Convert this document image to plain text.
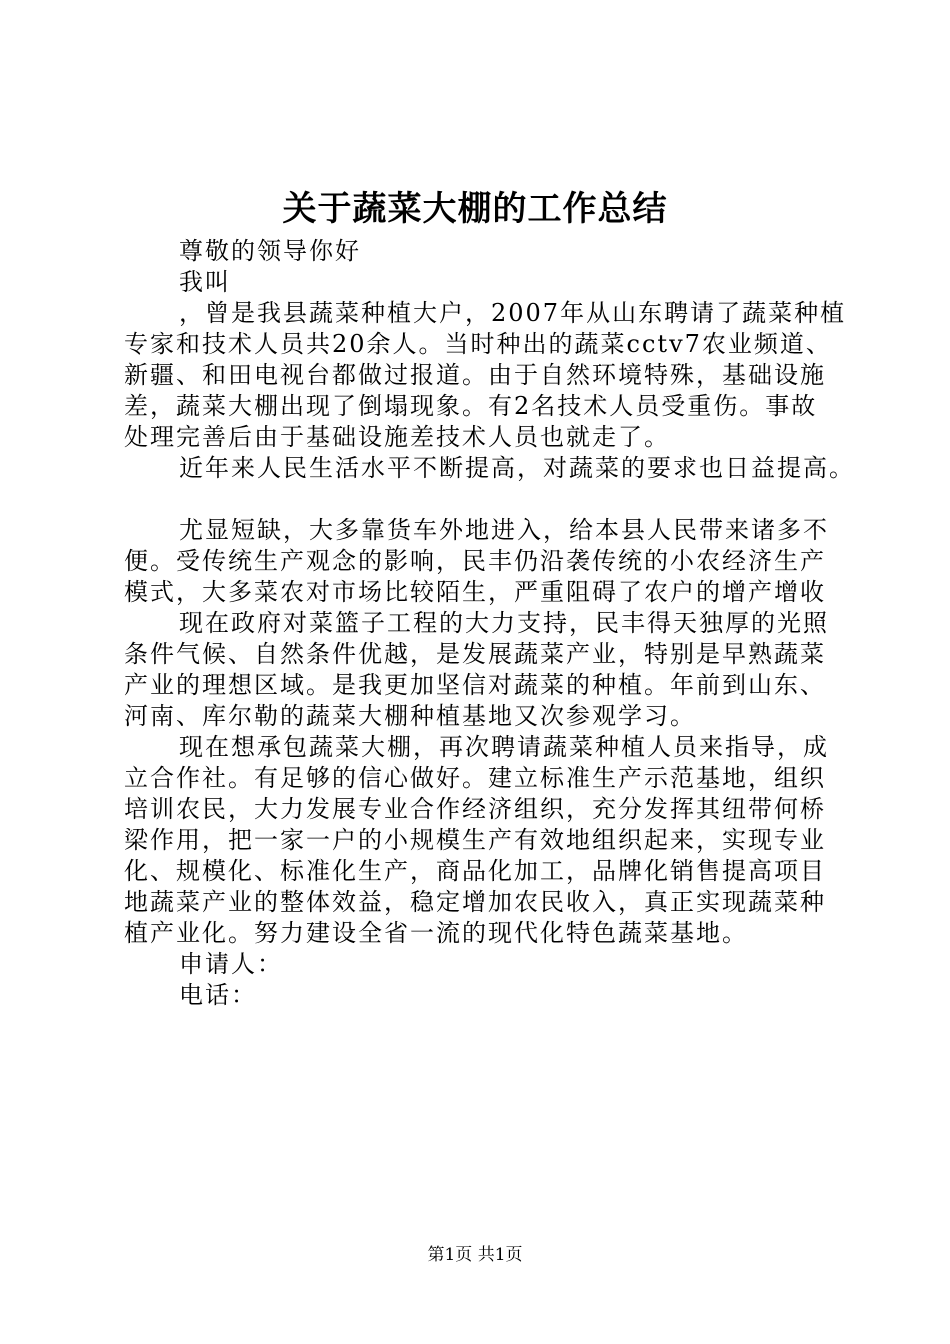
关于蔬菜大棚的工作总结
尊敬的领导你好
我叫
，曾是我县蔬菜种植大户，2007年从山东聘请了蔬菜种植
专家和技术人员共20余人。当时种出的蔬菜cctv7农业频道、
新疆、和田电视台都做过报道。由于自然环境特殊，基础设施
差，蔬菜大棚出现了倒塌现象。有2名技术人员受重伤。事故
处理完善后由于基础设施差技术人员也就走了。
近年来人民生活水平不断提高，对蔬菜的要求也日益提高。
尤显短缺，大多靠货车外地进入，给本县人民带来诸多不
便。受传统生产观念的影响，民丰仍沿袭传统的小农经济生产
模式，大多菜农对市场比较陌生，严重阻碍了农户的增产增收
现在政府对菜篮子工程的大力支持，民丰得天独厚的光照
条件气候、自然条件优越，是发展蔬菜产业，特别是早熟蔬菜
产业的理想区域。是我更加坚信对蔬菜的种植。年前到山东、
河南、库尔勒的蔬菜大棚种植基地又次参观学习。
现在想承包蔬菜大棚，再次聘请蔬菜种植人员来指导，成
立合作社。有足够的信心做好。建立标准生产示范基地，组织
培训农民，大力发展专业合作经济组织，充分发挥其纽带何桥
梁作用，把一家一户的小规模生产有效地组织起来，实现专业
化、规模化、标准化生产，商品化加工，品牌化销售提高项目
地蔬菜产业的整体效益，稳定增加农民收入，真正实现蔬菜种
植产业化。努力建设全省一流的现代化特色蔬菜基地。
申请人：
电话：
第1页 共1页
